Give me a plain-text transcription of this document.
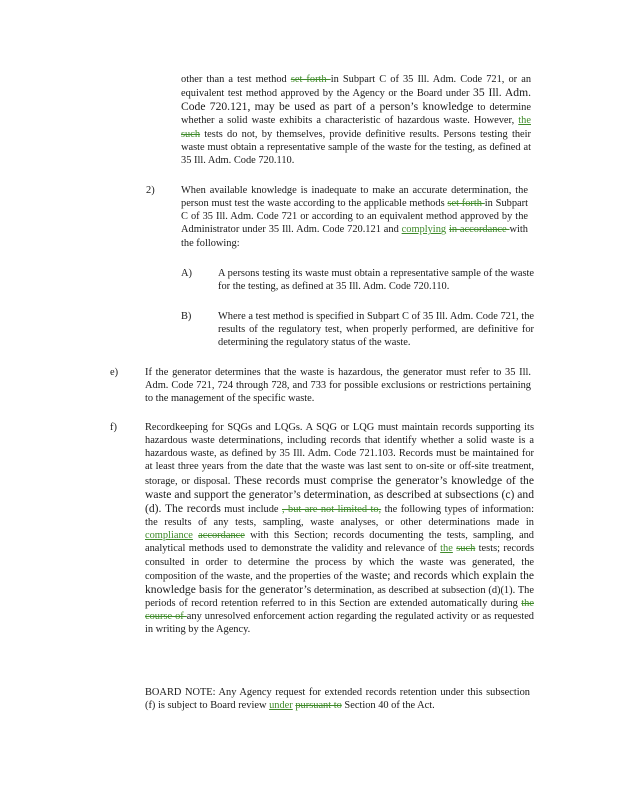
other than a test method set forth in Subpart C of 35 Ill. Adm. Code 721, or an equivalent test method approved by the Agency or the Board under 35 Ill. Adm. Code 720.121, may be used as part of a person’s knowledge to determine whether a solid waste exhibits a characteristic of hazardous waste. However, the such tests do not, by themselves, provide definitive results. Persons testing their waste must obtain a representative sample of the waste for the testing, as defined at 35 Ill. Adm. Code 720.110.
2)	When available knowledge is inadequate to make an accurate determination, the person must test the waste according to the applicable methods set forth in Subpart C of 35 Ill. Adm. Code 721 or according to an equivalent method approved by the Administrator under 35 Ill. Adm. Code 720.121 and complying in accordance with the following:
A)	A persons testing its waste must obtain a representative sample of the waste for the testing, as defined at 35 Ill. Adm. Code 720.110.
B)	Where a test method is specified in Subpart C of 35 Ill. Adm. Code 721, the results of the regulatory test, when properly performed, are definitive for determining the regulatory status of the waste.
e)	If the generator determines that the waste is hazardous, the generator must refer to 35 Ill. Adm. Code 721, 724 through 728, and 733 for possible exclusions or restrictions pertaining to the management of the specific waste.
f)	Recordkeeping for SQGs and LQGs. A SQG or LQG must maintain records supporting its hazardous waste determinations, including records that identify whether a solid waste is a hazardous waste, as defined by 35 Ill. Adm. Code 721.103. Records must be maintained for at least three years from the date that the waste was last sent to on-site or off-site treatment, storage, or disposal. These records must comprise the generator’s knowledge of the waste and support the generator’s determination, as described at subsections (c) and (d). The records must include , but are not limited to, the following types of information: the results of any tests, sampling, waste analyses, or other determinations made in compliance accordance with this Section; records documenting the tests, sampling, and analytical methods used to demonstrate the validity and relevance of the such tests; records consulted in order to determine the process by which the waste was generated, the composition of the waste, and the properties of the waste; and records which explain the knowledge basis for the generator’s determination, as described at subsection (d)(1). The periods of record retention referred to in this Section are extended automatically during the course of any unresolved enforcement action regarding the regulated activity or as requested in writing by the Agency.
BOARD NOTE: Any Agency request for extended records retention under this subsection (f) is subject to Board review under pursuant to Section 40 of the Act.
